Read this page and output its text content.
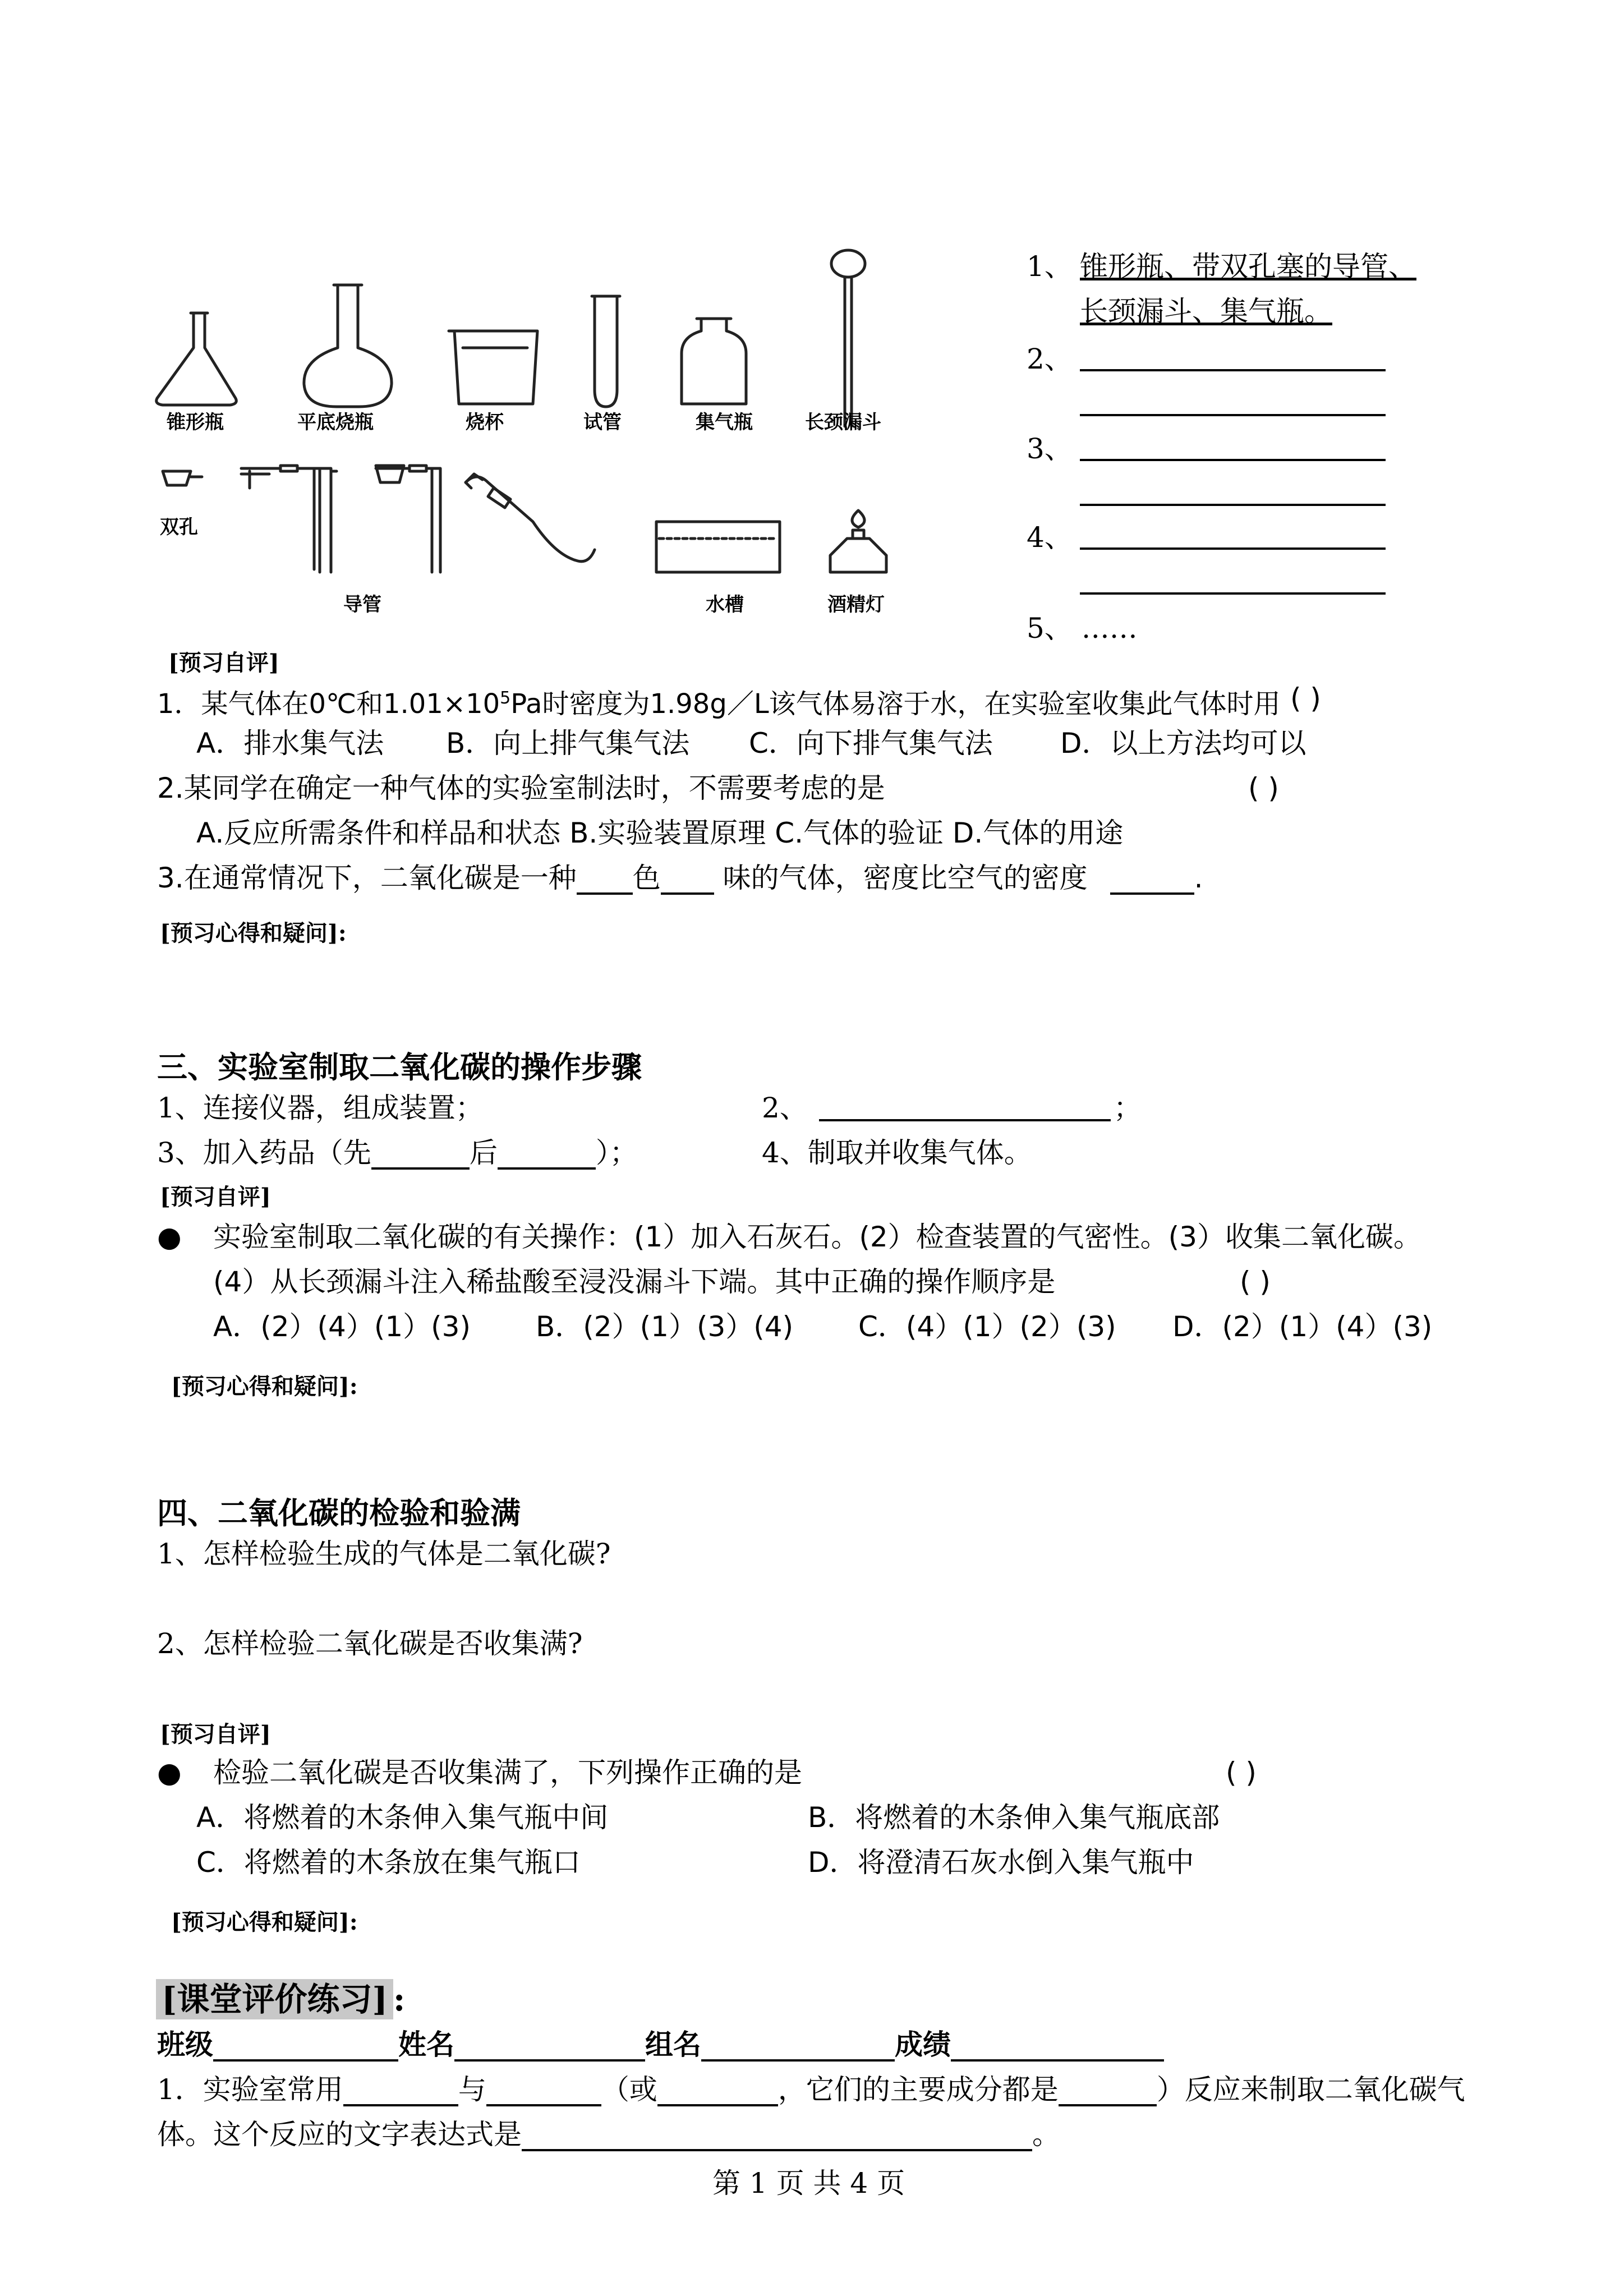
锥形瓶	平底烧瓶	烧杯	试管	集气瓶	长颈漏斗
双孔
导管	水槽	酒精灯
1、 锥形瓶、带双孔塞的导管、
长颈漏斗、集气瓶。
2、
3、
4、
5、 ……
[预习自评]
1．某气体在0℃和$1.01\times 10^5Pa$时密度为1.98g／L该气体易溶于水，在实验室收集此气体时用 ( )
A．排水集气法 B．向上排气集气法 C．向下排气集气法 D．以上方法均可以
2.某同学在确定一种气体的实验室制法时，不需要考虑的是	( )
A.反应所需条件和样品和状态 B.实验装置原理 C.气体的验证 D.气体的用途
3.在通常情况下，二氧化碳是一种 色 味的气体，密度比空气的密度	.
[预习心得和疑问]:
三、实验室制取二氧化碳的操作步骤
1、连接仪器，组成装置；	2、	；
3、加入药品（先	后	）；	4、制取并收集气体。
[预习自评]
● 实验室制取二氧化碳的有关操作：(1）加入石灰石。(2）检查装置的气密性。(3）收集二氧化碳。
(4）从长颈漏斗注入稀盐酸至浸没漏斗下端。其中正确的操作顺序是	( )
A．(2）(4）(1）(3) B．(2）(1）(3）(4) C．(4）(1）(2）(3) D．(2）(1）(4）(3)
[预习心得和疑问]:
四、二氧化碳的检验和验满
1、怎样检验生成的气体是二氧化碳?
2、怎样检验二氧化碳是否收集满?
[预习自评]
● 检验二氧化碳是否收集满了，下列操作正确的是	( )
A．将燃着的木条伸入集气瓶中间	B．将燃着的木条伸入集气瓶底部
C．将燃着的木条放在集气瓶口	D．将澄清石灰水倒入集气瓶中
[预习心得和疑问]:
[课堂评价练习] :
班级	姓名	组名	成绩
1．实验室常用	与	（或	，它们的主要成分都是	）反应来制取二氧化碳气
体。这个反应的文字表达式是	。
第 1 页 共 4 页
